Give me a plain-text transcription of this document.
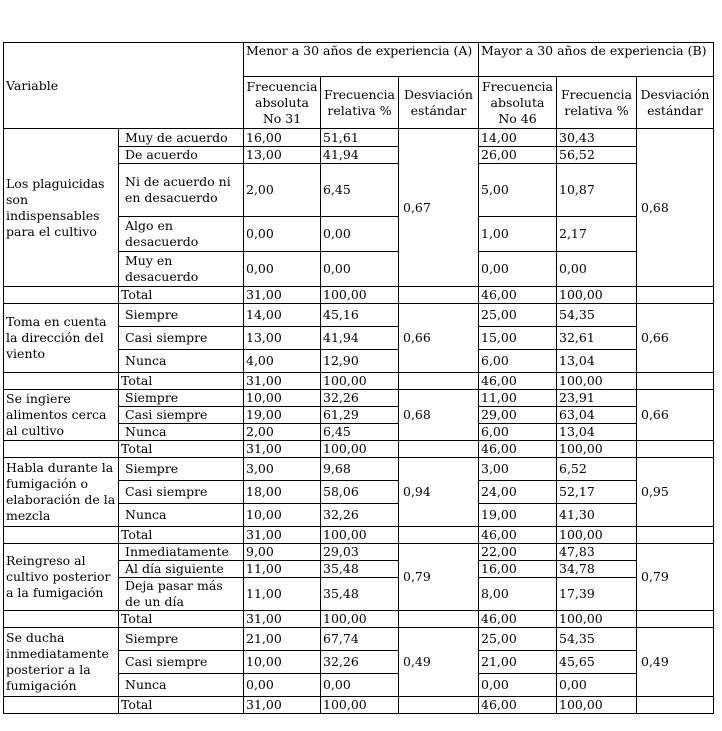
Variable		Menor a 30 años de experiencia (A)			Mayor a 30 años de experiencia (B)		
		Frecuencia absoluta No 31	Frecuencia relativa %	Desviación estándar	Frecuencia absoluta No 46	Frecuencia relativa %	Desviación estándar
Los plaguicidas son indispensables para el cultivo	Muy de acuerdo	16,00	51,61	0,67	14,00	30,43	0,68
	De acuerdo	13,00	41,94		26,00	56,52	
	Ni de acuerdo ni en desacuerdo	2,00	6,45		5,00	10,87	
	Algo en desacuerdo	0,00	0,00		1,00	2,17	
	Muy en desacuerdo	0,00	0,00		0,00	0,00	
	Total	31,00	100,00		46,00	100,00	
Toma en cuenta la dirección del viento	Siempre	14,00	45,16	0,66	25,00	54,35	0,66
	Casi siempre	13,00	41,94		15,00	32,61	
	Nunca	4,00	12,90		6,00	13,04	
	Total	31,00	100,00		46,00	100,00	
Se ingiere alimentos cerca al cultivo	Siempre	10,00	32,26	0,68	11,00	23,91	0,66
	Casi siempre	19,00	61,29		29,00	63,04	
	Nunca	2,00	6,45		6,00	13,04	
	Total	31,00	100,00		46,00	100,00	
Habla durante la fumigación o elaboración de la mezcla	Siempre	3,00	9,68	0,94	3,00	6,52	0,95
	Casi siempre	18,00	58,06		24,00	52,17	
	Nunca	10,00	32,26		19,00	41,30	
	Total	31,00	100,00		46,00	100,00	
Reingreso al cultivo posterior a la fumigación	Inmediatamente	9,00	29,03	0,79	22,00	47,83	0,79
	Al día siguiente	11,00	35,48		16,00	34,78	
	Deja pasar más de un día	11,00	35,48		8,00	17,39	
	Total	31,00	100,00		46,00	100,00	
Se ducha inmediatamente posterior a la fumigación	Siempre	21,00	67,74	0,49	25,00	54,35	0,49
	Casi siempre	10,00	32,26		21,00	45,65	
	Nunca	0,00	0,00		0,00	0,00	
	Total	31,00	100,00		46,00	100,00	
